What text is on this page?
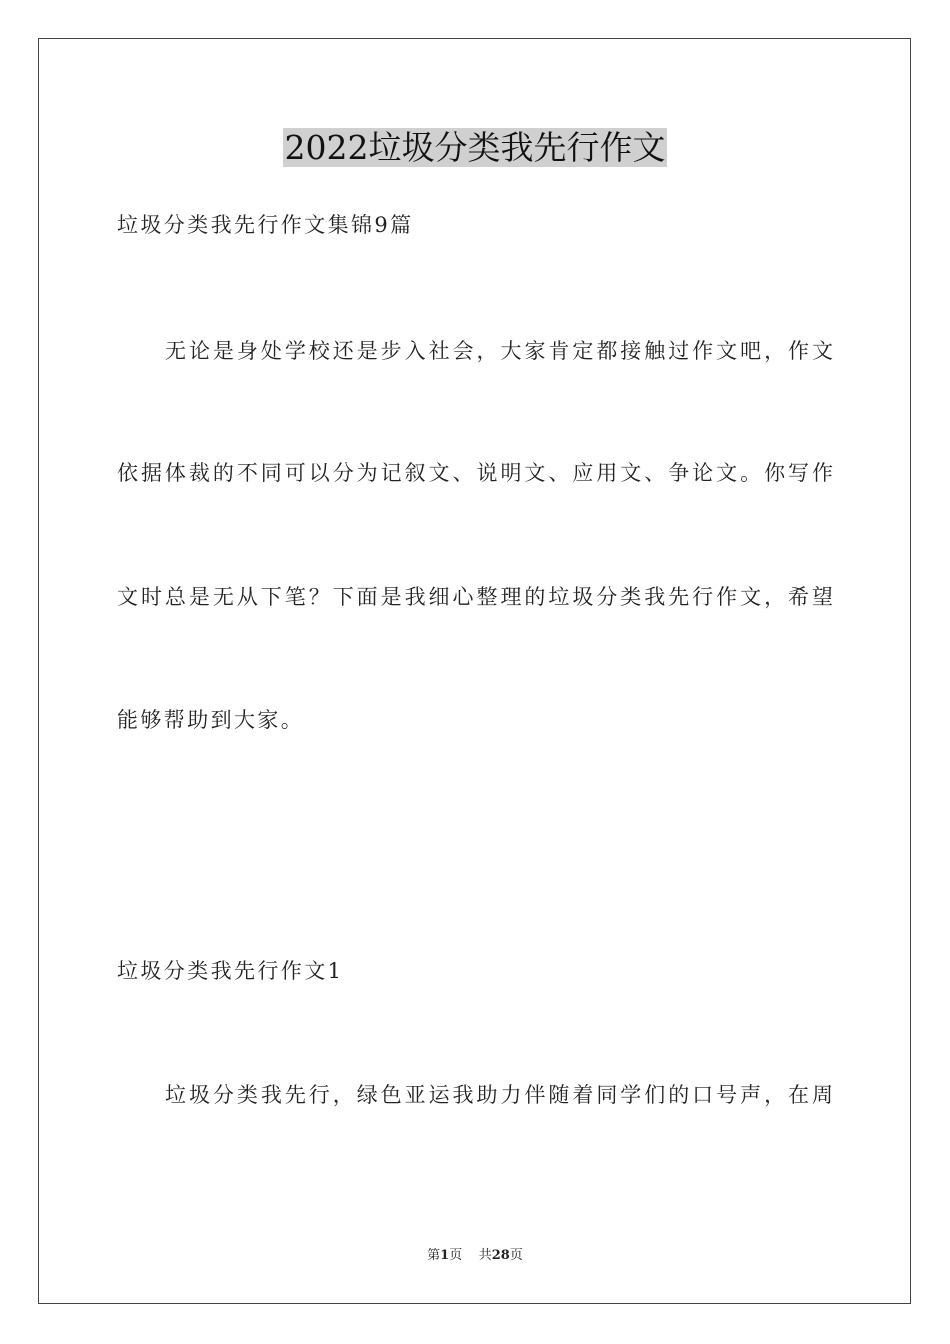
2022垃圾分类我先行作文
垃圾分类我先行作文集锦9篇
无论是身处学校还是步入社会，大家肯定都接触过作文吧，作文
依据体裁的不同可以分为记叙文、说明文、应用文、争论文。你写作
文时总是无从下笔？下面是我细心整理的垃圾分类我先行作文，希望
能够帮助到大家。
垃圾分类我先行作文1
垃圾分类我先行，绿色亚运我助力伴随着同学们的口号声，在周
第1页 共28页
